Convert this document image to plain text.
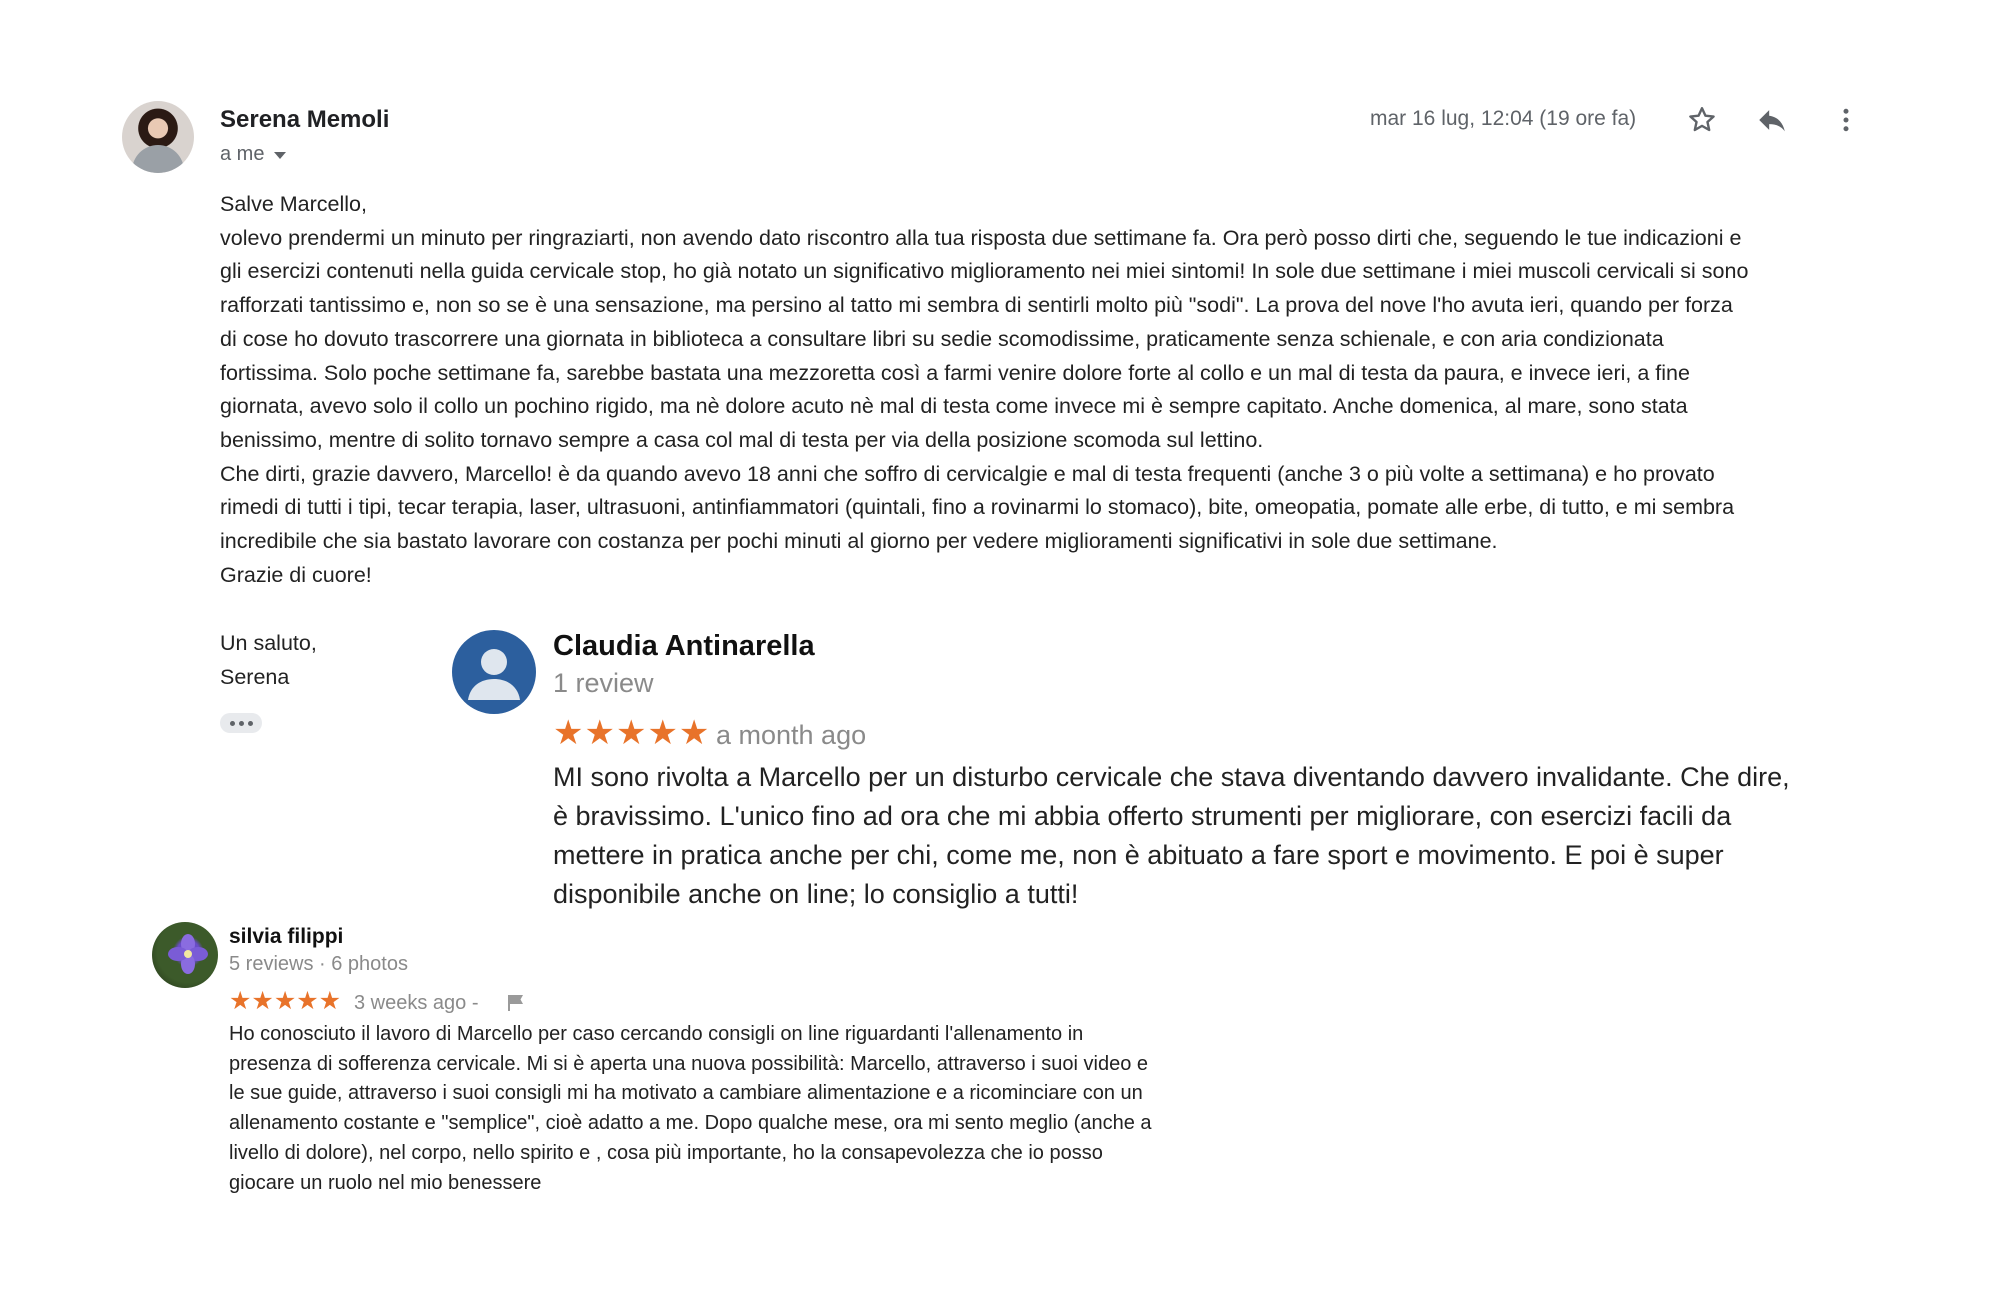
Serena Memoli
a me
mar 16 lug, 12:04 (19 ore fa)

Salve Marcello,

volevo prendermi un minuto per ringraziarti, non avendo dato riscontro alla tua risposta due settimane fa. Ora però posso dirti che, seguendo le tue indicazioni e

gli esercizi contenuti nella guida cervicale stop, ho già notato un significativo miglioramento nei miei sintomi! In sole due settimane i miei muscoli cervicali si sono

rafforzati tantissimo e, non so se è una sensazione, ma persino al tatto mi sembra di sentirli molto più "sodi". La prova del nove l'ho avuta ieri, quando per forza

di cose ho dovuto trascorrere una giornata in biblioteca a consultare libri su sedie scomodissime, praticamente senza schienale, e con aria condizionata

fortissima. Solo poche settimane fa, sarebbe bastata una mezzoretta così a farmi venire dolore forte al collo e un mal di testa da paura, e invece ieri, a fine

giornata, avevo solo il collo un pochino rigido, ma nè dolore acuto nè mal di testa come invece mi è sempre capitato. Anche domenica, al mare, sono stata

benissimo, mentre di solito tornavo sempre a casa col mal di testa per via della posizione scomoda sul lettino.

Che dirti, grazie davvero, Marcello! è da quando avevo 18 anni che soffro di cervicalgie e mal di testa frequenti (anche 3 o più volte a settimana) e ho provato

rimedi di tutti i tipi, tecar terapia, laser, ultrasuoni, antinfiammatori (quintali, fino a rovinarmi lo stomaco), bite, omeopatia, pomate alle erbe, di tutto, e mi sembra

incredibile che sia bastato lavorare con costanza per pochi minuti al giorno per vedere miglioramenti significativi in sole due settimane.

Grazie di cuore!

Un saluto,
Serena
Claudia Antinarella
1 review
★★★★★ a month ago
MI sono rivolta a Marcello per un disturbo cervicale che stava diventando davvero invalidante. Che dire,
è bravissimo. L'unico fino ad ora che mi abbia offerto strumenti per migliorare, con esercizi facili da
mettere in pratica anche per chi, come me, non è abituato a fare sport e movimento. E poi è super
disponibile anche on line; lo consiglio a tutti!
silvia filippi
5 reviews · 6 photos
★★★★★ 3 weeks ago -
Ho conosciuto il lavoro di Marcello per caso cercando consigli on line riguardanti l'allenamento in
presenza di sofferenza cervicale. Mi si è aperta una nuova possibilità: Marcello, attraverso i suoi video e
le sue guide, attraverso i suoi consigli mi ha motivato a cambiare alimentazione e a ricominciare con un
allenamento costante e "semplice", cioè adatto a me. Dopo qualche mese, ora mi sento meglio (anche a
livello di dolore), nel corpo, nello spirito e , cosa più importante, ho la consapevolezza che io posso
giocare un ruolo nel mio benessere
